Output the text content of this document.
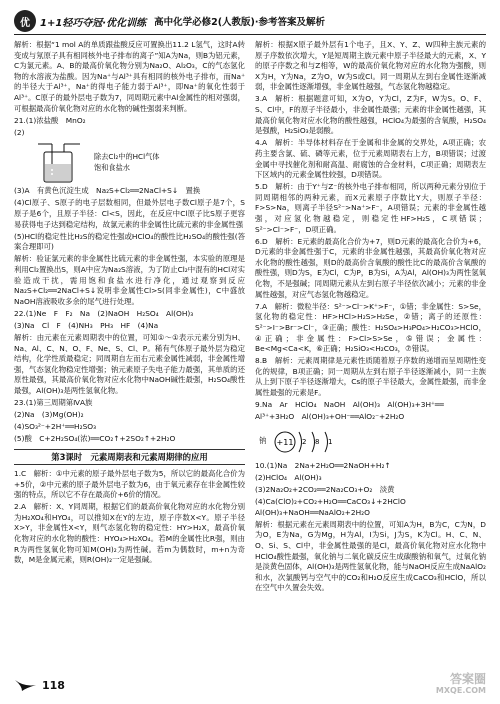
优	1+1轻巧夺冠·优化训练 高中化学必修2(人教版)·参考答案及解析

解析：根据“1 mol A的单质跟盐酸反应可置换出11.2 L氢气，这时A转变成与氖原子具有相同核外电子排布的离子”知A为Na，则B为铝元素，C为氯元素。A、B的最高价氧化物分别为Na₂O、Al₂O₃，C的气态氢化物的水溶液为盐酸。因为Na⁺与Al³⁺具有相同的核外电子排布，而Na⁺的半径大于Al³⁺，Na⁺的得电子能力弱于Al³⁺，即Na⁺的氧化性弱于Al³⁺。C原子的最外层电子数为7，同周期元素中Al金属性的相对强弱，可根据最高价氧化物对应的水化物的碱性强弱来判断。

21.(1)浓盐酸　MnO₂

(2)

除去Cl₂中的HCl气体
饱和食盐水

(3)A　有黄色沉淀生成　Na₂S+Cl₂══2NaCl+S↓　置换

(4)Cl原子、S原子的电子层数相同，但最外层电子数Cl原子是7个，S原子是6个，且原子半径：Cl<S，因此，在反应中Cl原子比S原子更容易获得电子达到稳定结构，故氯元素的非金属性比硫元素的非金属性强

(5)HCl的稳定性比H₂S的稳定性强或HClO₄的酸性比H₂SO₄的酸性强(答案合理即可)

解析：验证氯元素的非金属性比硫元素的非金属性强，本实验的原理是利用Cl₂置换出S，则A中应为Na₂S溶液，为了防止Cl₂中混有的HCl对实验造成干扰，需用饱和食盐水进行净化，通过观察到反应Na₂S+Cl₂══2NaCl+S↓说明非金属性Cl>S(同非金属性)，C中盛放NaOH溶液吸收多余的尾气进行处理。

22.(1)Ne　F　F₂　Na　(2)NaOH　H₂SO₄　Al(OH)₃

(3)Na　Cl　F　(4)NH₃　PH₃　HF　(4)Na

解析：由元素在元素周期表中的位置，可知①～①表示元素分别为H、Na、Al、C、N、O、F、Ne、S、Cl、P。稀有气体原子最外层为稳定结构，化学性质最稳定；同周期自左而右元素金属性减弱，非金属性增强，气态氢化物稳定性增强；钠元素原子失电子能力最强，其单质的还原性最强，其最高价氧化物对应水化物中NaOH碱性最强，H₂SO₄酸性最强，Al(OH)₃是两性氢氧化物。

23.(1)第三周期第ⅣA族

(2)Na　(3)Mg(OH)₂

(4)SO₃²⁻+2H⁺══H₂SO₃

(5)酸　C+2H₂SO₄(浓)══CO₂↑+2SO₂↑+2H₂O

第3课时　元素周期表和元素周期律的应用

1.C　解析：①中元素的原子最外层电子数为5，所以它的最高化合价为+5价，②中元素的原子最外层电子数为6，由于氧元素存在非金属性较强的特点，所以它不存在最高价+6价的情况。

2.A　解析：X、Y同周期，根据它们的最高价氧化物对应的水化物分别为H₂XO₄和HYO₄，可以推知X在Y的左边，原子序数X<Y。原子半径X>Y，非金属性X<Y，则气态氢化物的稳定性：HY>H₂X，最高价氧化物对应的水化物的酸性：HYO₄>H₂XO₄。若M的金属性比R强，则由R为两性氢氧化物可知M(OH)₂为两性碱。若m为偶数时，m+n为奇数，M是金属元素，则R(OH)₂一定是强碱。

解析：根据X原子最外层有1个电子，且X、Y、Z、W四种主族元素的原子序数依次增大，Y是短周期主族元素中原子半径最大的元素，X、Y的原子序数之和与Z相等，W的最高价氧化物对应的水化物为强酸，则X为H，Y为Na，Z为O，W为S或Cl。同一周期从左到右金属性逐渐减弱，非金属性逐渐增强，非金属性越强，气态氢化物越稳定。

3.A　解析：根据题意可知，X为O，Y为Cl，Z为F，W为S。O、F、S、Cl中，F的原子半径最小，非金属性最强；元素的非金属性越强，其最高价氧化物对应水化物的酸性越强，HClO₄为最强的含氧酸，H₂SO₄是强酸，H₂SiO₃是弱酸。

4.A　解析：半导体材料存在于金属和非金属的交界处，A项正确；农药主要含氯、硫、磷等元素，位于元素周期表右上方，B项错误；过渡金属中寻找催化剂和耐高温、耐腐蚀的合金材料，C项正确；周期表左下区域内的元素金属性较强，D项错误。

5.D　解析：由于Y⁺与Z⁻的核外电子排布相同，所以两种元素分别位于同周期相邻的两种元素，而X元素原子序数比Y大，则原子半径：F>S>Na，则离子半径S²⁻>Na⁺>F⁻，A项错误；元素的非金属性越强，对应氢化物越稳定，则稳定性HF>H₂S，C项错误；S²⁻>Cl⁻>F⁻，D项正确。

6.D　解析：E元素的最高化合价为+7，则D元素的最高化合价为+6，D元素的非金属性强于C，元素的非金属性越强，其最高价氧化物对应水化物的酸性越强，则D的最高价含氧酸的酸性比C的最高价含氧酸的酸性强，则D为S，E为Cl，C为P，B为Si，A为Al，Al(OH)₃为两性氢氧化物，不是强碱；同周期元素从左到右原子半径依次减小；元素的非金属性越强，对应气态氢化物越稳定。

7.A　解析：微粒半径：S²⁻>Cl⁻>K⁺>F⁻，①错；非金属性：S>Se，氢化物的稳定性：HF>HCl>H₂S>H₂Se，②错；离子的还原性：S²⁻>I⁻>Br⁻>Cl⁻，③正确；酸性：H₂SO₄>H₃PO₄>H₂CO₃>HClO，④正确；非金属性：F>Cl>S>Se，⑤错误；金属性：Be<Mg<Ca<K，⑥正确；H₂SiO₃<H₂CO₃，⑦错误。

8.B　解析：元素周期律是元素性质随着原子序数的递增而呈周期性变化的规律，B项正确；同一周期从左到右原子半径逐渐减小，同一主族从上到下原子半径逐渐增大，Cs的原子半径最大，金属性最强，而非金属性最强的元素是F。

9.Na　Ar　HClO₄　NaOH　Al(OH)₃　Al(OH)₃+3H⁺══

Al³⁺+3H₂O　Al(OH)₃+OH⁻══AlO₂⁻+2H₂O

钠 +11 2 8 1

10.(1)Na　2Na+2H₂O══2NaOH+H₂↑

(2)HClO₄　Al(OH)₃

(3)2Na₂O₂+2CO₂══2Na₂CO₃+O₂　淡黄

(4)Ca(ClO)₂+CO₂+H₂O══CaCO₃↓+2HClO　Al(OH)₃+NaOH══NaAlO₂+2H₂O

解析：根据元素在元素周期表中的位置，可知A为H，B为C，C为N，D为O，E为Na，G为Mg，H为Al，I为Si，J为S，K为Cl。H、C、N、O、Si、S、Cl中，非金属性最强的是Cl，最高价氧化物对应水化物中HClO₄酸性最强，氧化钠与二氧化碳反应生成碳酸钠和氧气，过氧化钠是淡黄色固体，Al(OH)₃是两性氢氧化物，能与NaOH反应生成NaAlO₂和水，次氯酸钙与空气中的CO₂和H₂O反应生成CaCO₃和HClO，所以在空气中久置会失效。

118	答案圈
MXQE.COM
